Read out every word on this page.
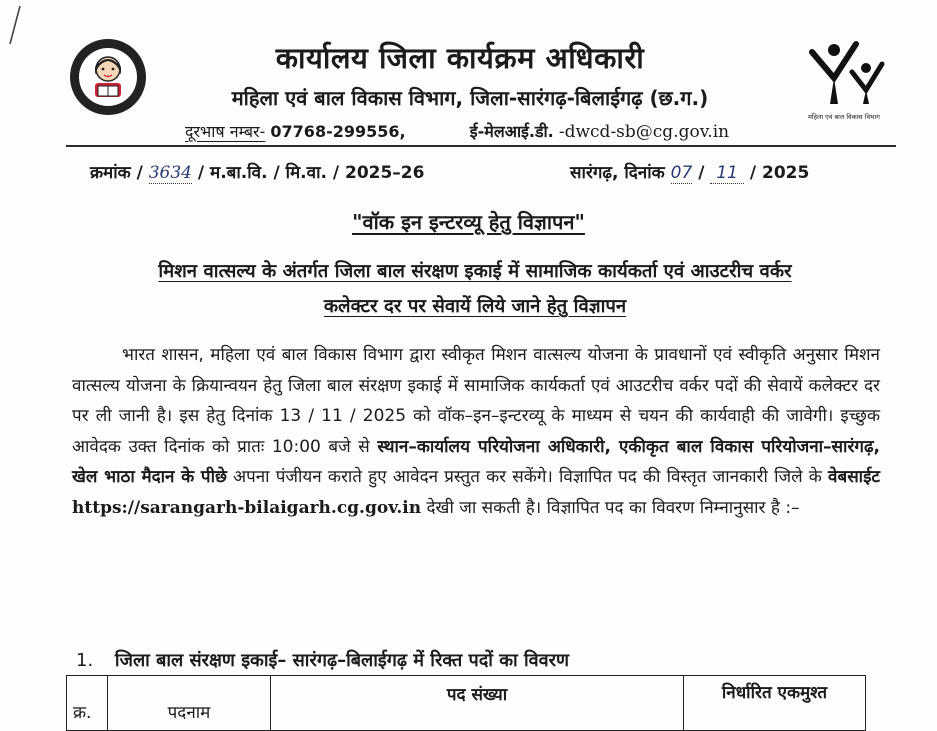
कार्यालय जिला कार्यक्रम अधिकारी
महिला एवं बाल विकास विभाग, जिला-सारंगढ़-बिलाईगढ़ (छ.ग.)
दूरभाष नम्बर- 07768-299556,	ई-मेलआई.डी. -dwcd-sb@cg.gov.in
महिला एवं बाल विकास विभाग
क्रमांक / 3634 / म.बा.वि. / मि.वा. / 2025–26	सारंगढ़, दिनांक 07 / 11 / 2025
"वॉक इन इन्टरव्यू हेतु विज्ञापन"
मिशन वात्सल्य के अंतर्गत जिला बाल संरक्षण इकाई में सामाजिक कार्यकर्ता एवं आउटरीच वर्कर
कलेक्टर दर पर सेवायें लिये जाने हेतु विज्ञापन
भारत शासन, महिला एवं बाल विकास विभाग द्वारा स्वीकृत मिशन वात्सल्य योजना के प्रावधानों एवं स्वीकृति अनुसार मिशन वात्सल्य योजना के क्रियान्वयन हेतु जिला बाल संरक्षण इकाई में सामाजिक कार्यकर्ता एवं आउटरीच वर्कर पदों की सेवायें कलेक्टर दर पर ली जानी है। इस हेतु दिनांक 13 / 11 / 2025 को वॉक–इन–इन्टरव्यू के माध्यम से चयन की कार्यवाही की जावेगी। इच्छुक आवेदक उक्त दिनांक को प्रातः 10:00 बजे से स्थान–कार्यालय परियोजना अधिकारी, एकीकृत बाल विकास परियोजना–सारंगढ़, खेल भाठा मैदान के पीछे अपना पंजीयन कराते हुए आवेदन प्रस्तुत कर सकेंगे। विज्ञापित पद की विस्तृत जानकारी जिले के वेबसाईट https://sarangarh-bilaigarh.cg.gov.in देखी जा सकती है। विज्ञापित पद का विवरण निम्नानुसार है :–
1. जिला बाल संरक्षण इकाई– सारंगढ़–बिलाईगढ़ में रिक्त पदों का विवरण
क्र.	पदनाम	पद संख्या	निर्धारित एकमुश्त
